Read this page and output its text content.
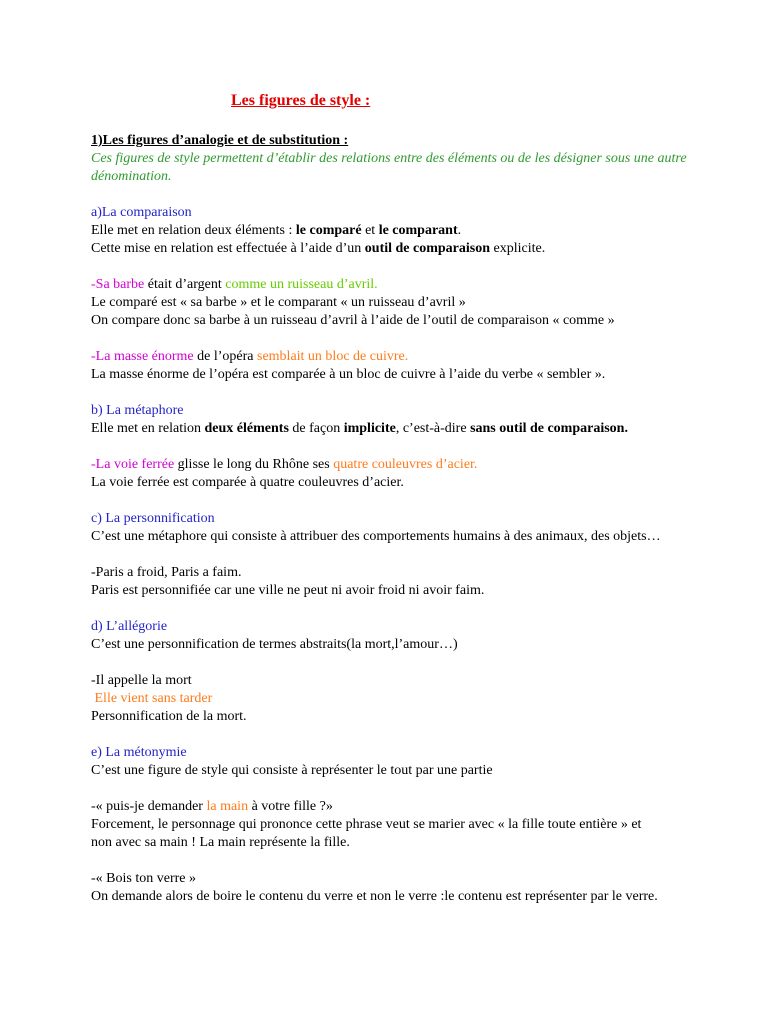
Les figures de style :
1)Les figures d’analogie et de substitution :
Ces figures de style permettent d’établir des relations entre des éléments ou de les désigner sous une autre dénomination.
a)La comparaison
Elle met en relation deux éléments : le comparé et le comparant.
Cette mise en relation est effectuée à l’aide d’un outil de comparaison explicite.
-Sa barbe était d’argent comme un ruisseau d’avril.
Le comparé est « sa barbe » et le comparant « un ruisseau d’avril »
On compare donc sa barbe à un ruisseau d’avril à l’aide de l’outil de comparaison « comme »
-La masse énorme de l’opéra semblait un bloc de cuivre.
La masse énorme de l’opéra est comparée à un bloc de cuivre à l’aide du verbe « sembler ».
b) La métaphore
Elle met en relation deux éléments de façon implicite, c’est-à-dire sans outil de comparaison.
-La voie ferrée glisse le long du Rhône ses quatre couleuvres d’acier.
La voie ferrée est comparée à quatre couleuvres d’acier.
c) La personnification
C’est une métaphore qui consiste à attribuer des comportements humains à des animaux, des objets…
-Paris a froid, Paris a faim.
Paris est personnifiée car une ville ne peut ni avoir froid ni avoir faim.
d) L’allégorie
C’est une personnification de termes abstraits(la mort,l’amour…)
-Il appelle la mort
Elle vient sans tarder
Personnification de la mort.
e) La métonymie
C’est une figure de style qui consiste à représenter le tout par une partie
-« puis-je demander la main à votre fille ?»
Forcement, le personnage qui prononce cette phrase veut se marier avec « la fille toute entière » et non avec sa main ! La main représente la fille.
-« Bois ton verre »
On demande alors de boire le contenu du verre et non le verre :le contenu est représenter par le verre.
